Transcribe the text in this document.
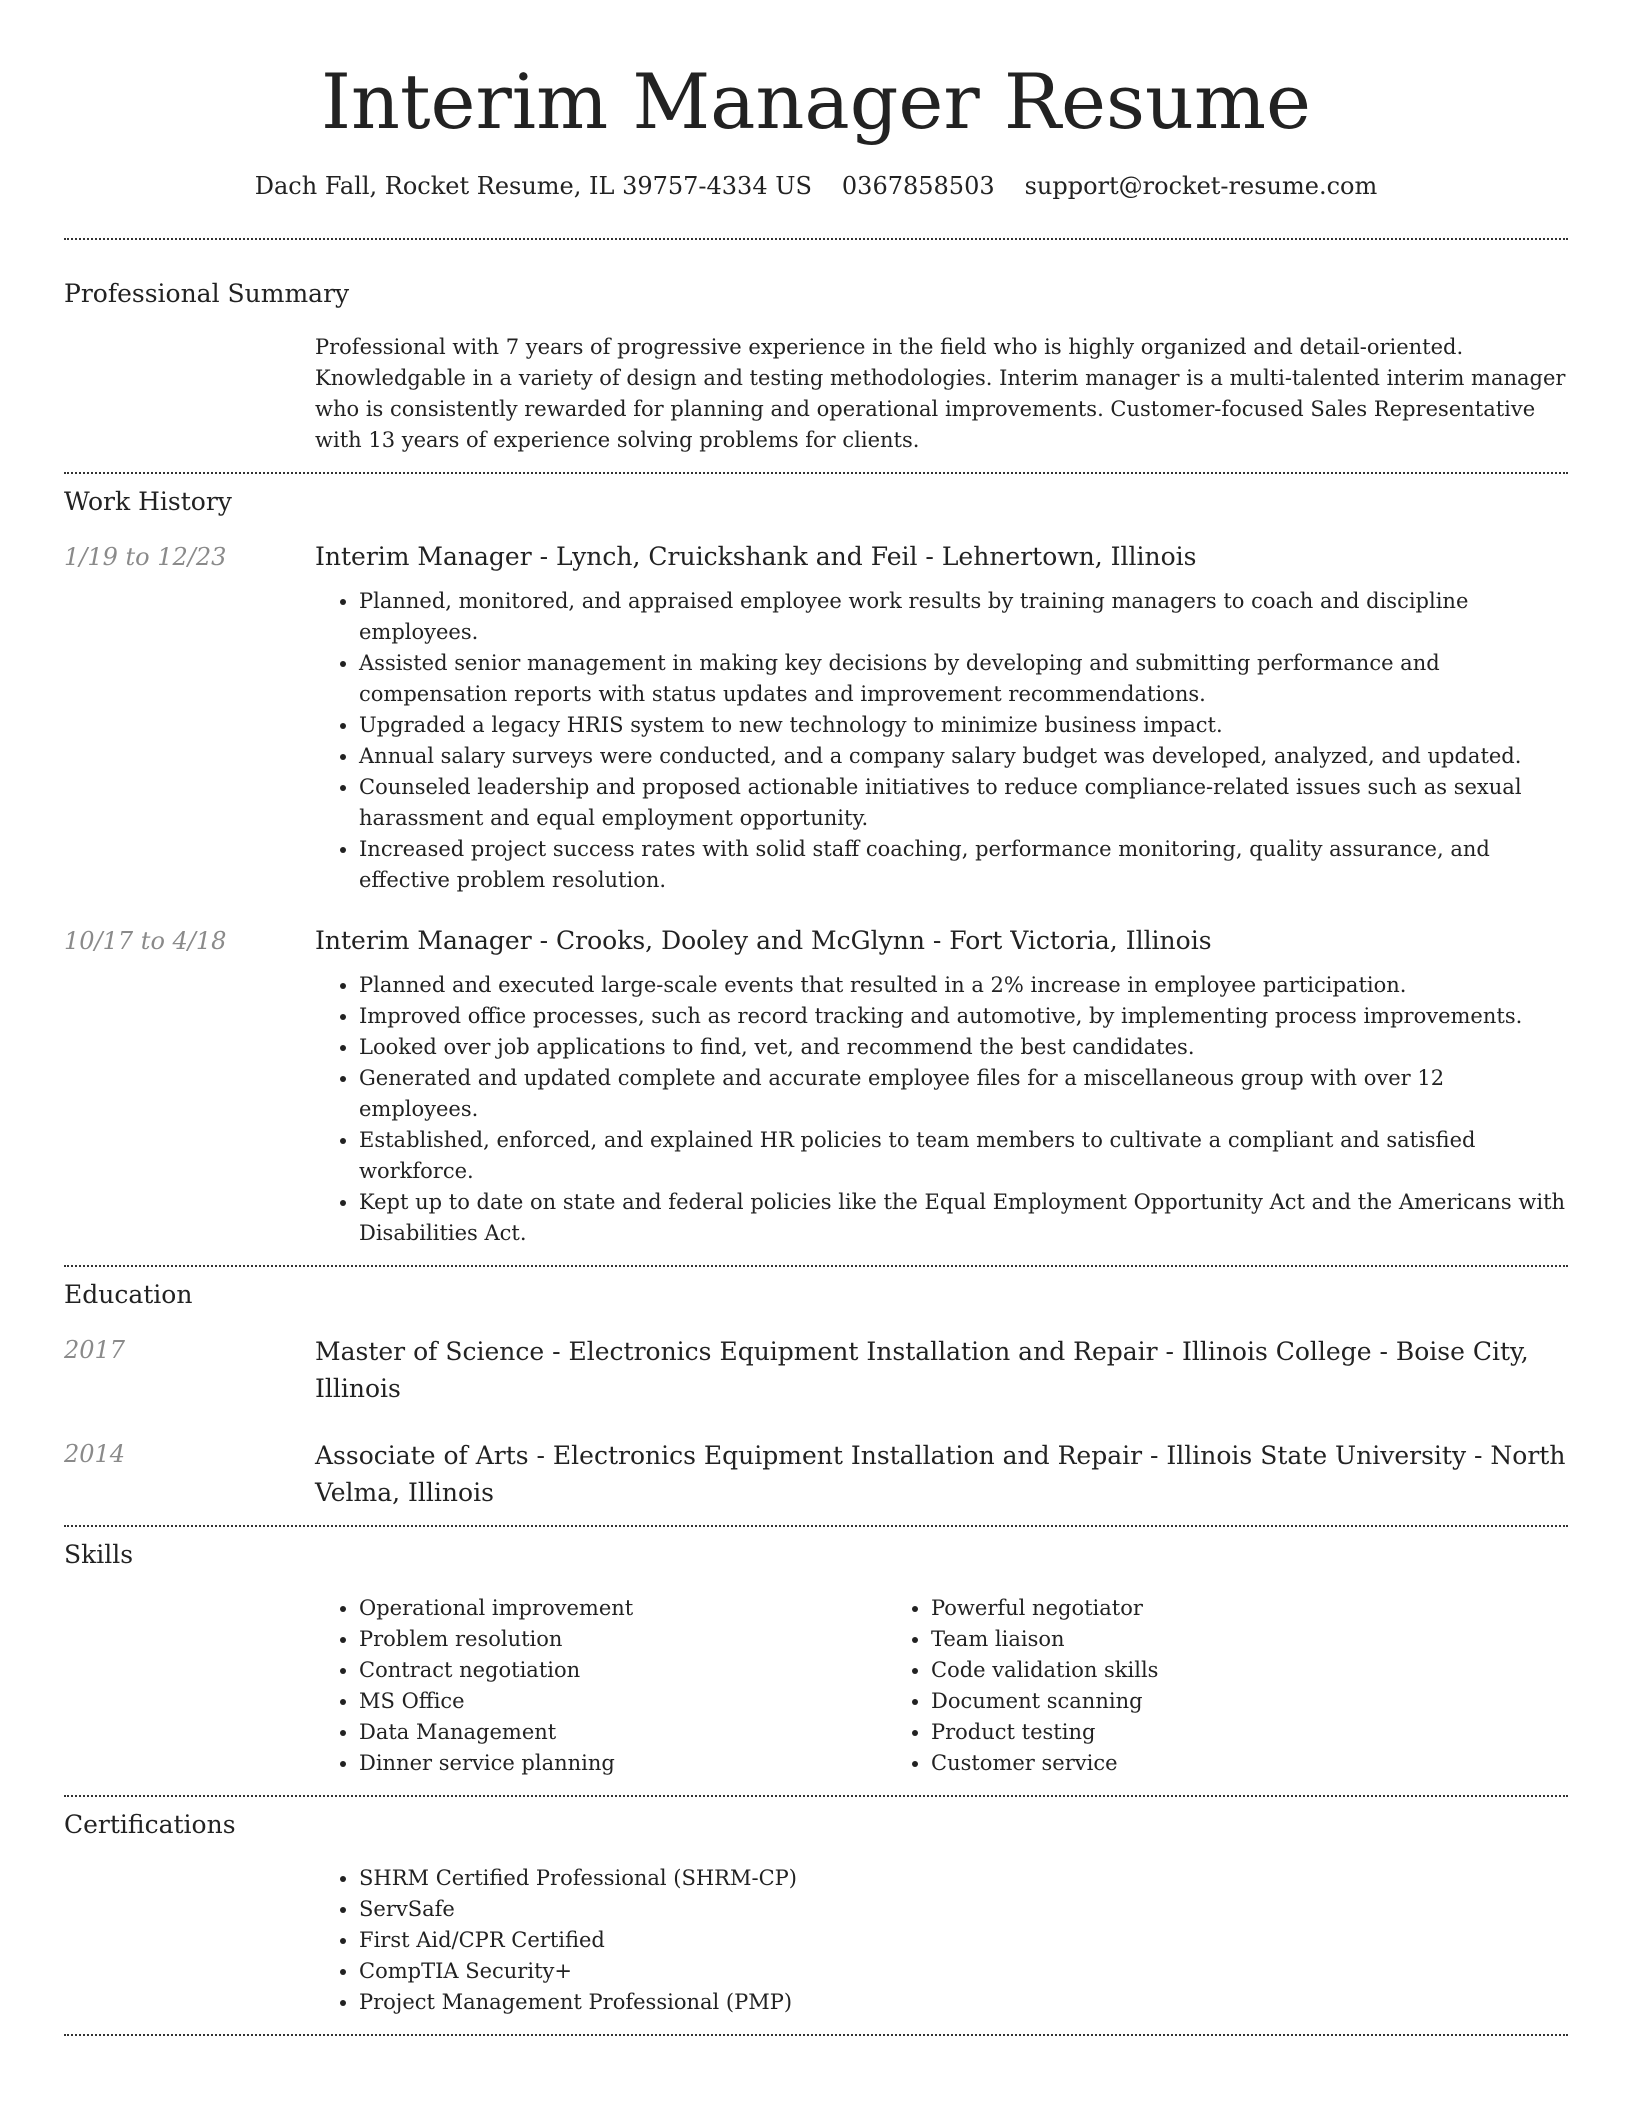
Interim Manager Resume
Dach Fall, Rocket Resume, IL 39757-4334 US 0367858503 support@rocket-resume.com
Professional Summary

Professional with 7 years of progressive experience in the field who is highly organized and detail-oriented. Knowledgable in a variety of design and testing methodologies. Interim manager is a multi-talented interim manager who is consistently rewarded for planning and operational improvements. Customer-focused Sales Representative with 13 years of experience solving problems for clients.

Work History
1/19 to 12/23	Interim Manager - Lynch, Cruickshank and Feil - Lehnertown, Illinois
• Planned, monitored, and appraised employee work results by training managers to coach and discipline employees.
• Assisted senior management in making key decisions by developing and submitting performance and compensation reports with status updates and improvement recommendations.
• Upgraded a legacy HRIS system to new technology to minimize business impact.
• Annual salary surveys were conducted, and a company salary budget was developed, analyzed, and updated.
• Counseled leadership and proposed actionable initiatives to reduce compliance-related issues such as sexual harassment and equal employment opportunity.
• Increased project success rates with solid staff coaching, performance monitoring, quality assurance, and effective problem resolution.
10/17 to 4/18	Interim Manager - Crooks, Dooley and McGlynn - Fort Victoria, Illinois
• Planned and executed large-scale events that resulted in a 2% increase in employee participation.
• Improved office processes, such as record tracking and automotive, by implementing process improvements.
• Looked over job applications to find, vet, and recommend the best candidates.
• Generated and updated complete and accurate employee files for a miscellaneous group with over 12 employees.
• Established, enforced, and explained HR policies to team members to cultivate a compliant and satisfied workforce.
• Kept up to date on state and federal policies like the Equal Employment Opportunity Act and the Americans with Disabilities Act.
Education
2017	Master of Science - Electronics Equipment Installation and Repair - Illinois College - Boise City, Illinois
2014	Associate of Arts - Electronics Equipment Installation and Repair - Illinois State University - North Velma, Illinois
Skills
• Operational improvement
• Problem resolution
• Contract negotiation
• MS Office
• Data Management
• Dinner service planning
• Powerful negotiator
• Team liaison
• Code validation skills
• Document scanning
• Product testing
• Customer service
Certifications
• SHRM Certified Professional (SHRM-CP)
• ServSafe
• First Aid/CPR Certified
• CompTIA Security+
• Project Management Professional (PMP)
